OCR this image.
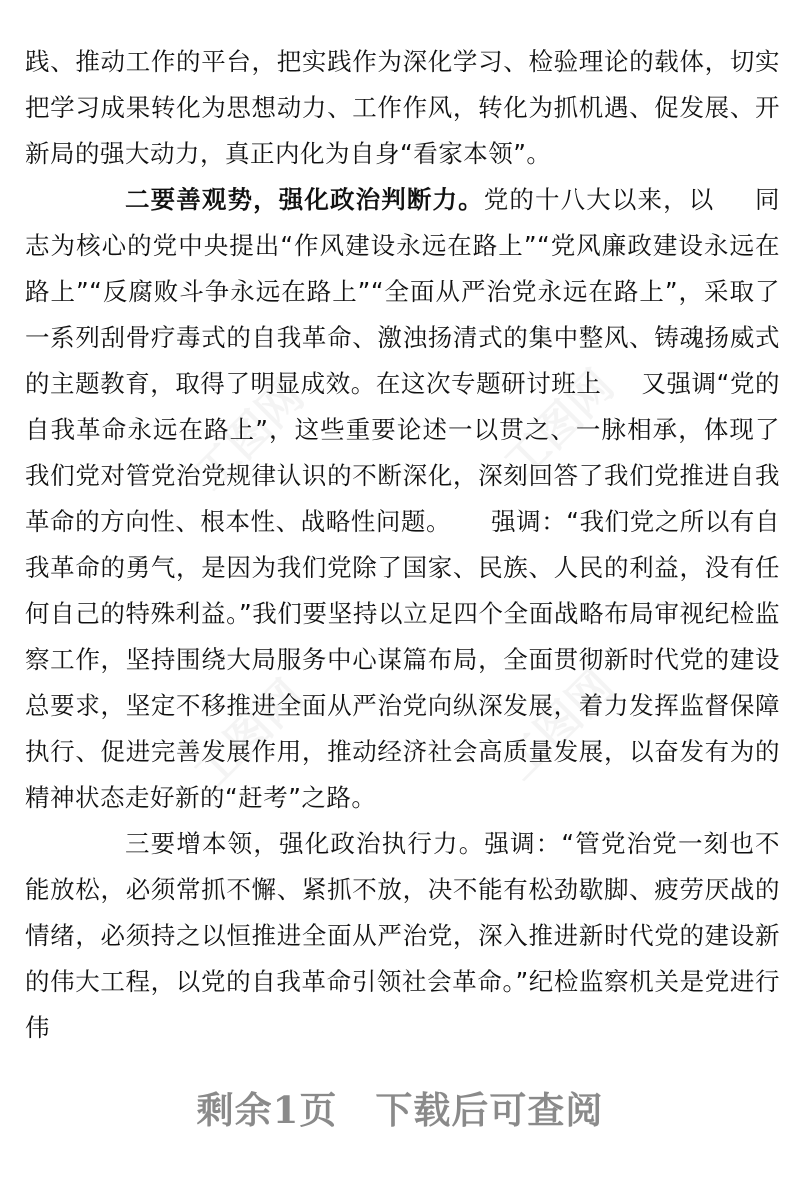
工图网	工图网
工图网	工图网

践、推动工作的平台，把实践作为深化学习、检验理论的载体，切实把学习成果转化为思想动力、工作作风，转化为抓机遇、促发展、开新局的强大动力，真正内化为自身“看家本领”。

二要善观势，强化政治判断力。党的十八大以来，以 同志为核心的党中央提出“作风建设永远在路上”“党风廉政建设永远在路上”“反腐败斗争永远在路上”“全面从严治党永远在路上”，采取了一系列刮骨疗毒式的自我革命、激浊扬清式的集中整风、铸魂扬威式的主题教育，取得了明显成效。在这次专题研讨班上 又强调“党的自我革命永远在路上”，这些重要论述一以贯之、一脉相承，体现了我们党对管党治党规律认识的不断深化，深刻回答了我们党推进自我革命的方向性、根本性、战略性问题。 强调：“我们党之所以有自我革命的勇气，是因为我们党除了国家、民族、人民的利益，没有任何自己的特殊利益。”我们要坚持以立足四个全面战略布局审视纪检监察工作，坚持围绕大局服务中心谋篇布局，全面贯彻新时代党的建设总要求，坚定不移推进全面从严治党向纵深发展，着力发挥监督保障执行、促进完善发展作用，推动经济社会高质量发展，以奋发有为的精神状态走好新的“赶考”之路。

三要增本领，强化政治执行力。强调：“管党治党一刻也不能放松，必须常抓不懈、紧抓不放，决不能有松劲歇脚、疲劳厌战的情绪，必须持之以恒推进全面从严治党，深入推进新时代党的建设新的伟大工程，以党的自我革命引领社会革命。”纪检监察机关是党进行伟

剩余1页 下载后可查阅
